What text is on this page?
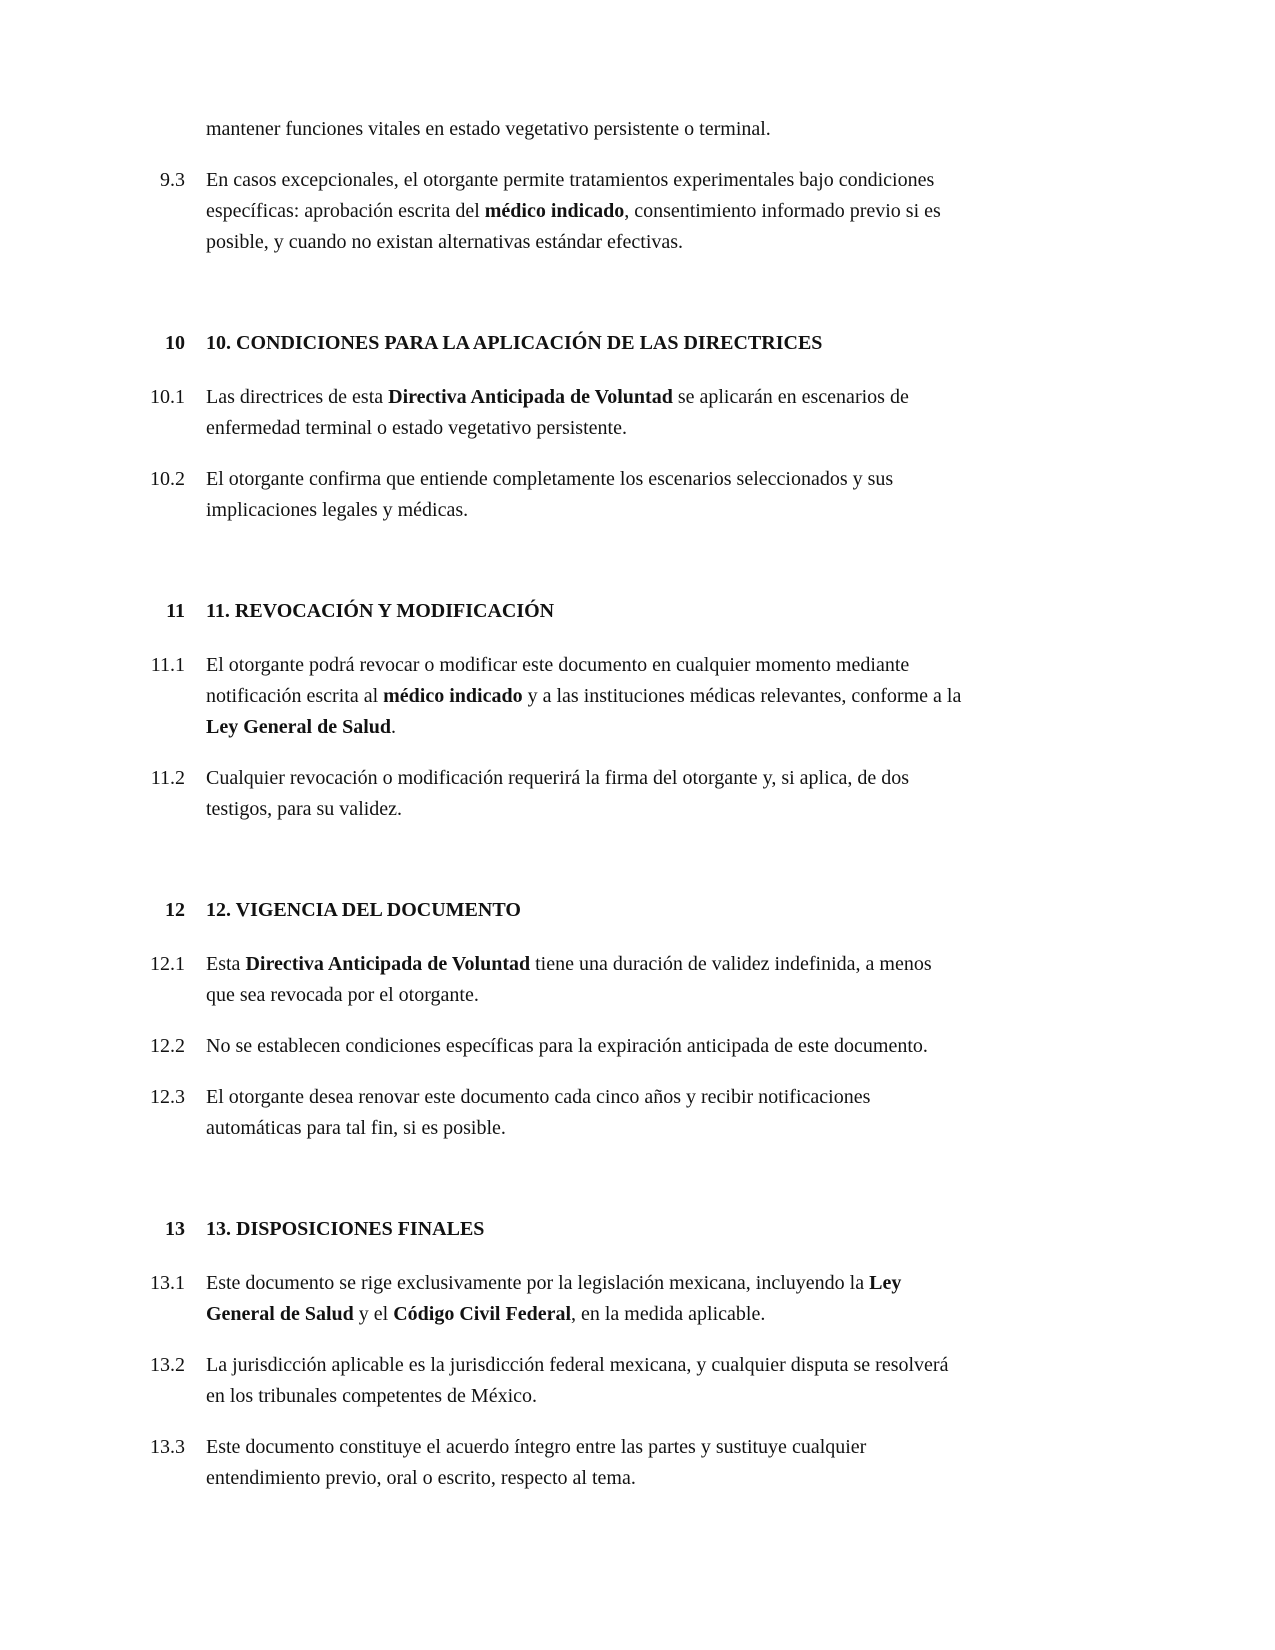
mantener funciones vitales en estado vegetativo persistente o terminal.
9.3 En casos excepcionales, el otorgante permite tratamientos experimentales bajo condiciones
específicas: aprobación escrita del médico indicado, consentimiento informado previo si es
posible, y cuando no existan alternativas estándar efectivas.
10 10. CONDICIONES PARA LA APLICACIÓN DE LAS DIRECTRICES
10.1 Las directrices de esta Directiva Anticipada de Voluntad se aplicarán en escenarios de
enfermedad terminal o estado vegetativo persistente.
10.2 El otorgante confirma que entiende completamente los escenarios seleccionados y sus
implicaciones legales y médicas.
11 11. REVOCACIÓN Y MODIFICACIÓN
11.1 El otorgante podrá revocar o modificar este documento en cualquier momento mediante
notificación escrita al médico indicado y a las instituciones médicas relevantes, conforme a la
Ley General de Salud.
11.2 Cualquier revocación o modificación requerirá la firma del otorgante y, si aplica, de dos
testigos, para su validez.
12 12. VIGENCIA DEL DOCUMENTO
12.1 Esta Directiva Anticipada de Voluntad tiene una duración de validez indefinida, a menos
que sea revocada por el otorgante.
12.2 No se establecen condiciones específicas para la expiración anticipada de este documento.
12.3 El otorgante desea renovar este documento cada cinco años y recibir notificaciones
automáticas para tal fin, si es posible.
13 13. DISPOSICIONES FINALES
13.1 Este documento se rige exclusivamente por la legislación mexicana, incluyendo la Ley
General de Salud y el Código Civil Federal, en la medida aplicable.
13.2 La jurisdicción aplicable es la jurisdicción federal mexicana, y cualquier disputa se resolverá
en los tribunales competentes de México.
13.3 Este documento constituye el acuerdo íntegro entre las partes y sustituye cualquier
entendimiento previo, oral o escrito, respecto al tema.
